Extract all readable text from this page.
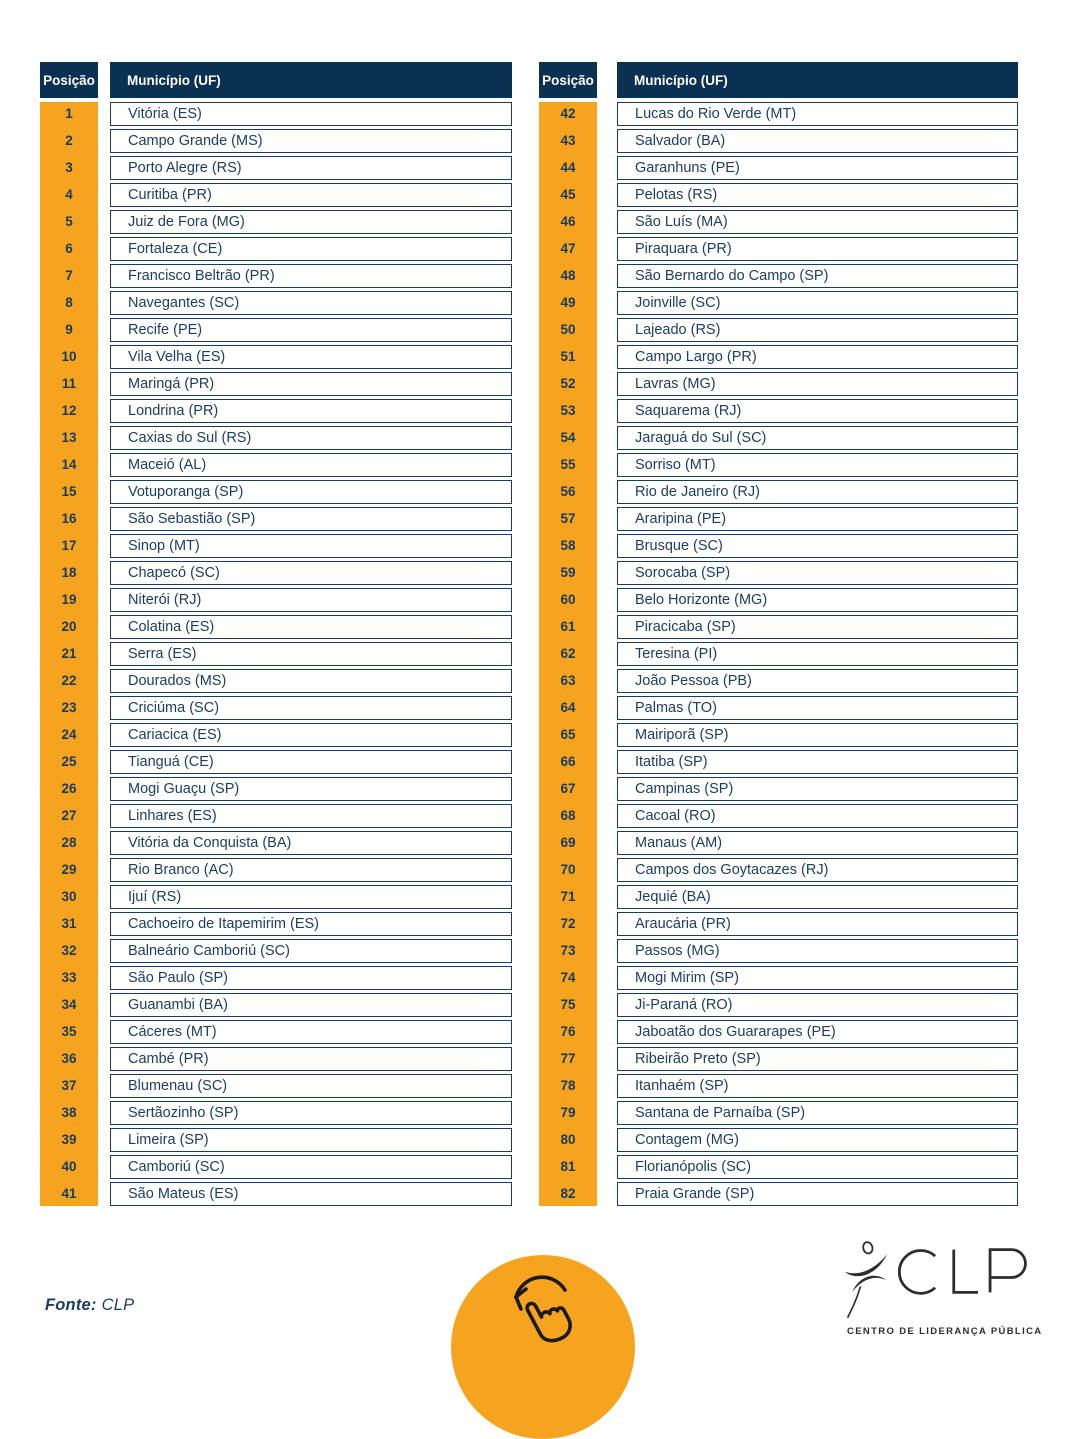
Posição	Município (UF)
1
2
3
4
5
6
7
8
9
10
11
12
13
14
15
16
17
18
19
20
21
22
23
24
25
26
27
28
29
30
31
32
33
34
35
36
37
38
39
40
41
Vitória (ES)
Campo Grande (MS)
Porto Alegre (RS)
Curitiba (PR)
Juiz de Fora (MG)
Fortaleza (CE)
Francisco Beltrão (PR)
Navegantes (SC)
Recife (PE)
Vila Velha (ES)
Maringá (PR)
Londrina (PR)
Caxias do Sul (RS)
Maceió (AL)
Votuporanga (SP)
São Sebastião (SP)
Sinop (MT)
Chapecó (SC)
Niterói (RJ)
Colatina (ES)
Serra (ES)
Dourados (MS)
Criciúma (SC)
Cariacica (ES)
Tianguá (CE)
Mogi Guaçu (SP)
Linhares (ES)
Vitória da Conquista (BA)
Rio Branco (AC)
Ijuí (RS)
Cachoeiro de Itapemirim (ES)
Balneário Camboriú (SC)
São Paulo (SP)
Guanambi (BA)
Cáceres (MT)
Cambé (PR)
Blumenau (SC)
Sertãozinho (SP)
Limeira (SP)
Camboriú (SC)
São Mateus (ES)
Posição	Município (UF)
42
43
44
45
46
47
48
49
50
51
52
53
54
55
56
57
58
59
60
61
62
63
64
65
66
67
68
69
70
71
72
73
74
75
76
77
78
79
80
81
82
Lucas do Rio Verde (MT)
Salvador (BA)
Garanhuns (PE)
Pelotas (RS)
São Luís (MA)
Piraquara (PR)
São Bernardo do Campo (SP)
Joinville (SC)
Lajeado (RS)
Campo Largo (PR)
Lavras (MG)
Saquarema (RJ)
Jaraguá do Sul (SC)
Sorriso (MT)
Rio de Janeiro (RJ)
Araripina (PE)
Brusque (SC)
Sorocaba (SP)
Belo Horizonte (MG)
Piracicaba (SP)
Teresina (PI)
João Pessoa (PB)
Palmas (TO)
Mairiporã (SP)
Itatiba (SP)
Campinas (SP)
Cacoal (RO)
Manaus (AM)
Campos dos Goytacazes (RJ)
Jequié (BA)
Araucária (PR)
Passos (MG)
Mogi Mirim (SP)
Ji-Paraná (RO)
Jaboatão dos Guararapes (PE)
Ribeirão Preto (SP)
Itanhaém (SP)
Santana de Parnaíba (SP)
Contagem (MG)
Florianópolis (SC)
Praia Grande (SP)
Fonte: CLP
CENTRO DE LIDERANÇA PÚBLICA
